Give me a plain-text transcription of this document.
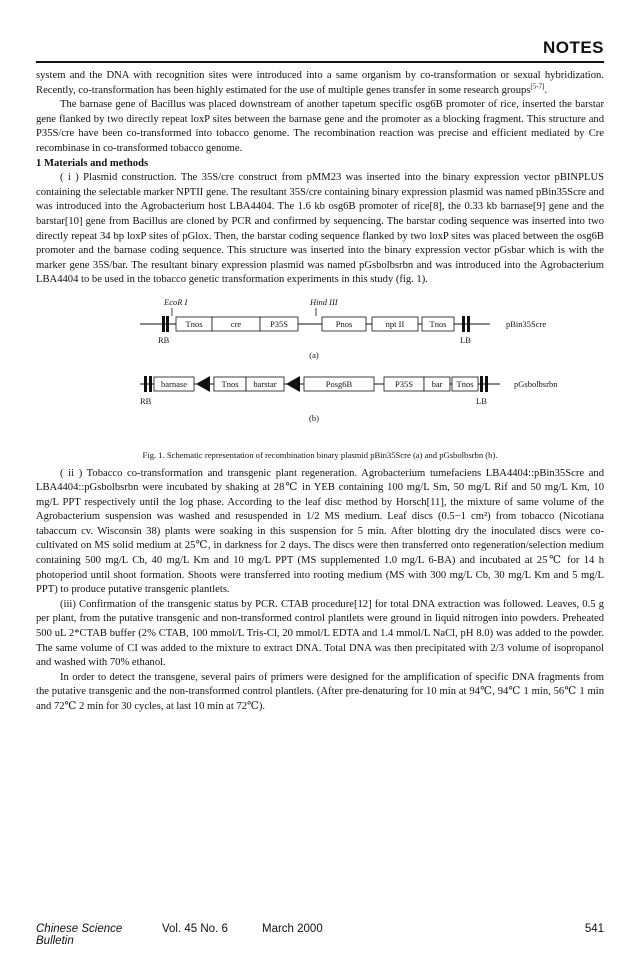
NOTES

system and the DNA with recognition sites were introduced into a same organism by co-transformation or sexual hybridization. Recently, co-transformation has been highly estimated for the use of multiple genes transfer in some research groups[5-7].

The barnase gene of Bacillus was placed downstream of another tapetum specific osg6B promoter of rice, inserted the barstar gene flanked by two directly repeat loxP sites between the barnase gene and the promoter as a blocking fragment. This structure and P35S/cre have been co-transformed into tobacco genome. The recombination reaction was precise and efficient mediated by Cre recombinase in co-transformed tobacco genome.

1 Materials and methods

( i ) Plasmid construction. The 35S/cre construct from pMM23 was inserted into the binary expression vector pBINPLUS containing the selectable marker NPTII gene. The resultant 35S/cre containing binary expression plasmid was named pBin35Scre and was introduced into the Agrobacterium host LBA4404. The 1.6 kb osg6B promoter of rice[8], the 0.33 kb barnase[9] gene and the barstar[10] gene from Bacillus are cloned by PCR and confirmed by sequencing. The barstar coding sequence was inserted into two directly repeat 34 bp loxP sites of pGlox. Then, the barstar coding sequence flanked by two loxP sites was placed between the osg6B promoter and the barnase coding sequence. This structure was inserted into the binary expression vector pGsbar which is with the marker gene 35S/bar. The resultant binary expression plasmid was named pGsbolbsrbn and was introduced into the Agrobacterium LBA4404 to be used in the tobacco genetic transformation experiments in this study (fig. 1).

EcoR I	Hind III
Tnos	cre	P35S	Pnos	npt II	Tnos	pBin35Scre
RB	LB
(a)
barnase	Tnos barstar	Posg6B	P35S bar Tnos	pGsbolbsrbn
RB	LB
(b)
Fig. 1. Schematic representation of recombination binary plasmid pBin35Scre (a) and pGsbolbsrbn (b).

( ii ) Tobacco co-transformation and transgenic plant regeneration. Agrobacterium tumefaciens LBA4404::pBin35Scre and LBA4404::pGsbolbsrbn were incubated by shaking at 28℃ in YEB containing 100 mg/L Sm, 50 mg/L Rif and 50 mg/L Km, 10 mg/L PPT respectively until the log phase. According to the leaf disc method by Horsch[11], the mixture of same volume of the Agrobacterium suspension was washed and resuspended in 1/2 MS medium. Leaf discs (0.5−1 cm²) from tobacco (Nicotiana tabaccum cv. Wisconsin 38) plants were soaking in this suspension for 5 min. After blotting dry the inoculated discs were co-cultivated on MS solid medium at 25℃, in darkness for 2 days. The discs were then transferred onto regeneration/selection medium containing 500 mg/L Cb, 40 mg/L Km and 10 mg/L PPT (MS supplemented 1.0 mg/L 6-BA) and incubated at 25℃ for 14 h photoperiod until shoot formation. Shoots were transferred into rooting medium (MS with 300 mg/L Cb, 30 mg/L Km and 5 mg/L PPT) to produce putative transgenic plantlets.

(iii) Confirmation of the transgenic status by PCR. CTAB procedure[12] for total DNA extraction was followed. Leaves, 0.5 g per plant, from the putative transgenic and non-transformed control plantlets were ground in liquid nitrogen into powders. Preheated 500 uL 2*CTAB buffer (2% CTAB, 100 mmol/L Tris-Cl, 20 mmol/L EDTA and 1.4 mmol/L NaCl, pH 8.0) was added to the powder. The same volume of CI was added to the mixture to extract DNA. Total DNA was then precipitated with 2/3 volume of isopropanol and washed with 70% ethanol.

In order to detect the transgene, several pairs of primers were designed for the amplification of specific DNA fragments from the putative transgenic and the non-transformed control plantlets. (After pre-denaturing for 10 min at 94℃, 94℃ 1 min, 56℃ 1 min and 72℃ 2 min for 30 cycles, at last 10 min at 72℃).

Chinese Science Bulletin
Vol. 45 No. 6	March 2000	541
